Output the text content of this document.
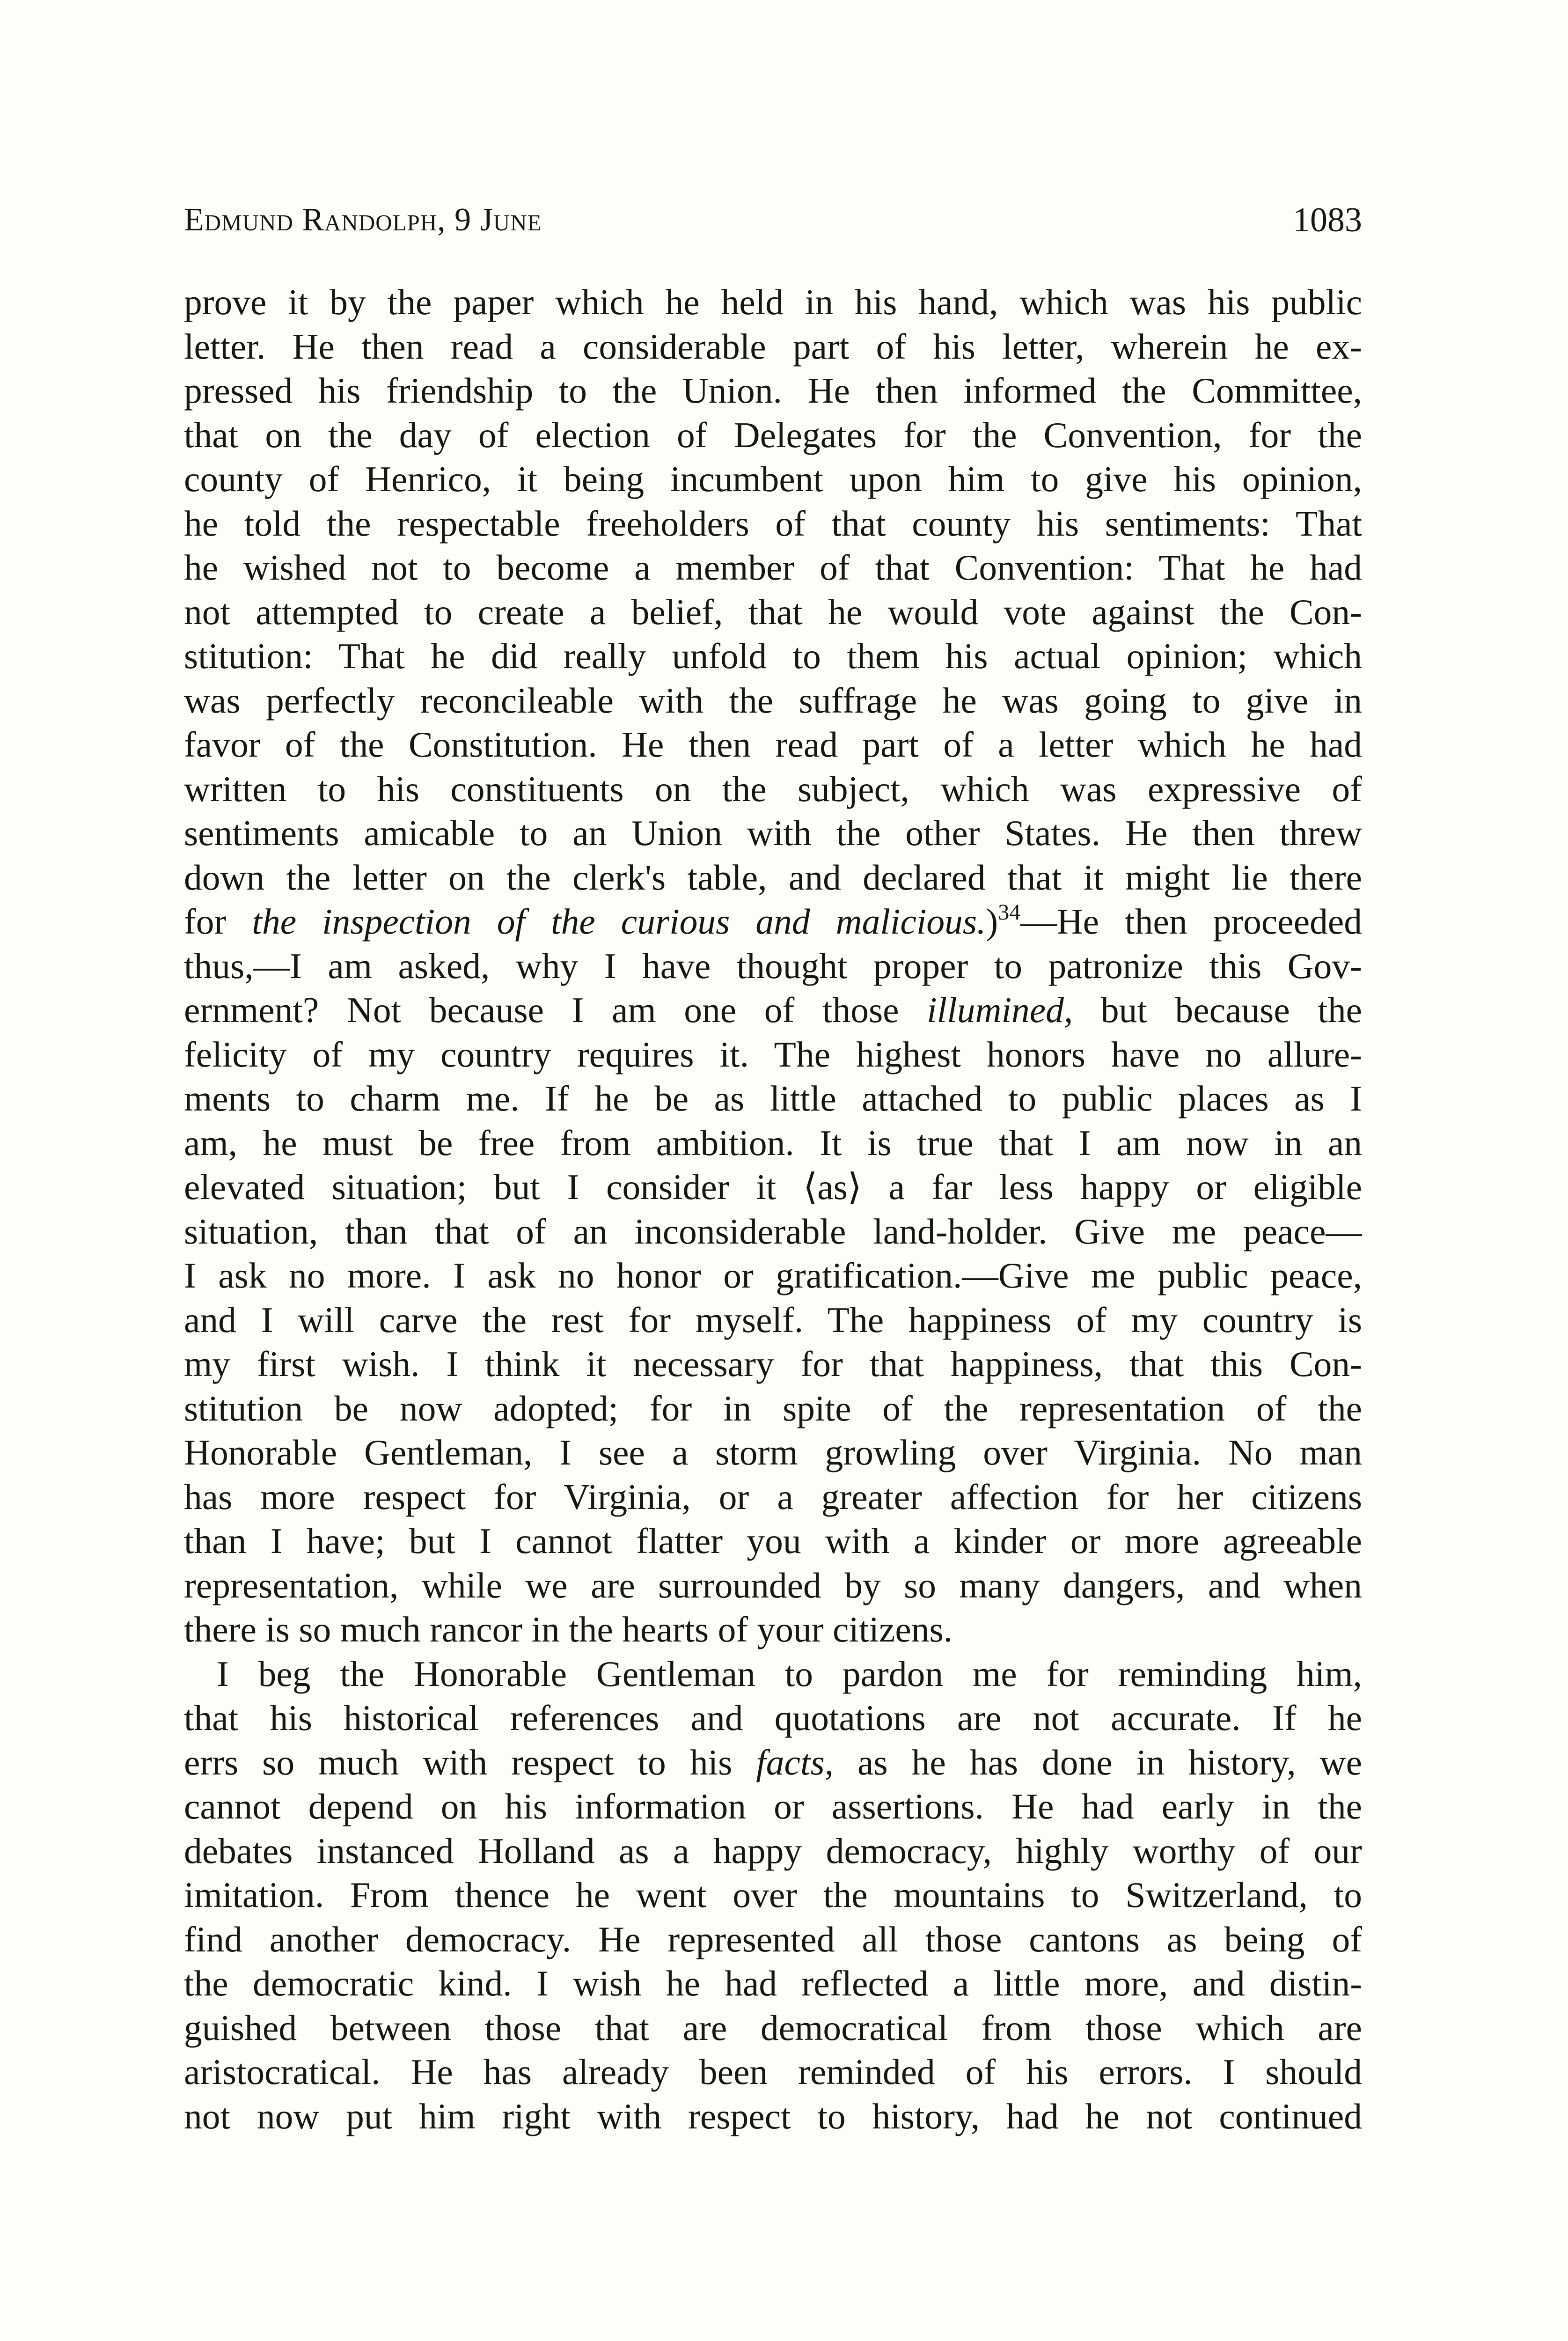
Edmund Randolph, 9 June	1083
prove it by the paper which he held in his hand, which was his public
letter. He then read a considerable part of his letter, wherein he ex-
pressed his friendship to the Union. He then informed the Committee,
that on the day of election of Delegates for the Convention, for the
county of Henrico, it being incumbent upon him to give his opinion,
he told the respectable freeholders of that county his sentiments: That
he wished not to become a member of that Convention: That he had
not attempted to create a belief, that he would vote against the Con-
stitution: That he did really unfold to them his actual opinion; which
was perfectly reconcileable with the suffrage he was going to give in
favor of the Constitution. He then read part of a letter which he had
written to his constituents on the subject, which was expressive of
sentiments amicable to an Union with the other States. He then threw
down the letter on the clerk's table, and declared that it might lie there
for the inspection of the curious and malicious.)$^{34}$—He then proceeded
thus,—I am asked, why I have thought proper to patronize this Gov-
ernment? Not because I am one of those illumined, but because the
felicity of my country requires it. The highest honors have no allure-
ments to charm me. If he be as little attached to public places as I
am, he must be free from ambition. It is true that I am now in an
elevated situation; but I consider it ⟨as⟩ a far less happy or eligible
situation, than that of an inconsiderable land-holder. Give me peace—
I ask no more. I ask no honor or gratification.—Give me public peace,
and I will carve the rest for myself. The happiness of my country is
my first wish. I think it necessary for that happiness, that this Con-
stitution be now adopted; for in spite of the representation of the
Honorable Gentleman, I see a storm growling over Virginia. No man
has more respect for Virginia, or a greater affection for her citizens
than I have; but I cannot flatter you with a kinder or more agreeable
representation, while we are surrounded by so many dangers, and when
there is so much rancor in the hearts of your citizens.
I beg the Honorable Gentleman to pardon me for reminding him,
that his historical references and quotations are not accurate. If he
errs so much with respect to his facts, as he has done in history, we
cannot depend on his information or assertions. He had early in the
debates instanced Holland as a happy democracy, highly worthy of our
imitation. From thence he went over the mountains to Switzerland, to
find another democracy. He represented all those cantons as being of
the democratic kind. I wish he had reflected a little more, and distin-
guished between those that are democratical from those which are
aristocratical. He has already been reminded of his errors. I should
not now put him right with respect to history, had he not continued
